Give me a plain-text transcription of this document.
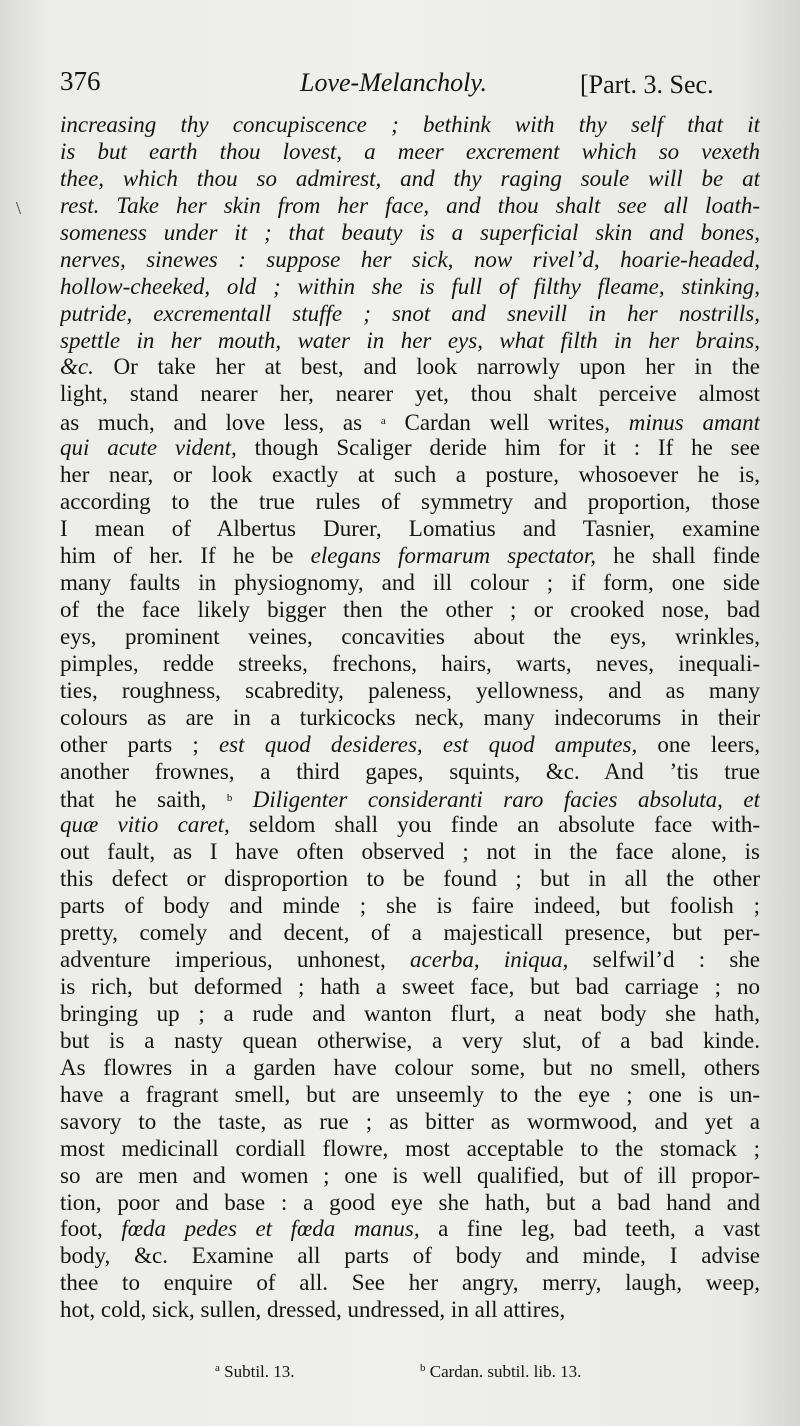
376	Love-Melancholy.	[Part. 3. Sec.
\
increasing thy concupiscence ; bethink with thy self that it
is but earth thou lovest, a meer excrement which so vexeth
thee, which thou so admirest, and thy raging soule will be at
rest. Take her skin from her face, and thou shalt see all loath-
someness under it ; that beauty is a superficial skin and bones,
nerves, sinewes : suppose her sick, now rivel’d, hoarie-headed,
hollow-cheeked, old ; within she is full of filthy fleame, stinking,
putride, excrementall stuffe ; snot and snevill in her nostrills,
spettle in her mouth, water in her eys, what filth in her brains,
&c. Or take her at best, and look narrowly upon her in the
light, stand nearer her, nearer yet, thou shalt perceive almost
as much, and love less, as $^a$ Cardan well writes, minus amant
qui acute vident, though Scaliger deride him for it : If he see
her near, or look exactly at such a posture, whosoever he is,
according to the true rules of symmetry and proportion, those
I mean of Albertus Durer, Lomatius and Tasnier, examine
him of her. If he be elegans formarum spectator, he shall finde
many faults in physiognomy, and ill colour ; if form, one side
of the face likely bigger then the other ; or crooked nose, bad
eys, prominent veines, concavities about the eys, wrinkles,
pimples, redde streeks, frechons, hairs, warts, neves, inequali-
ties, roughness, scabredity, paleness, yellowness, and as many
colours as are in a turkicocks neck, many indecorums in their
other parts ; est quod desideres, est quod amputes, one leers,
another frownes, a third gapes, squints, &c. And ’tis true
that he saith, $^b$ Diligenter consideranti raro facies absoluta, et
quæ vitio caret, seldom shall you finde an absolute face with-
out fault, as I have often observed ; not in the face alone, is
this defect or disproportion to be found ; but in all the other
parts of body and minde ; she is faire indeed, but foolish ;
pretty, comely and decent, of a majesticall presence, but per-
adventure imperious, unhonest, acerba, iniqua, selfwil’d : she
is rich, but deformed ; hath a sweet face, but bad carriage ; no
bringing up ; a rude and wanton flurt, a neat body she hath,
but is a nasty quean otherwise, a very slut, of a bad kinde.
As flowres in a garden have colour some, but no smell, others
have a fragrant smell, but are unseemly to the eye ; one is un-
savory to the taste, as rue ; as bitter as wormwood, and yet a
most medicinall cordiall flowre, most acceptable to the stomack ;
so are men and women ; one is well qualified, but of ill propor-
tion, poor and base : a good eye she hath, but a bad hand and
foot, fœda pedes et fœda manus, a fine leg, bad teeth, a vast
body, &c. Examine all parts of body and minde, I advise
thee to enquire of all. See her angry, merry, laugh, weep,
hot, cold, sick, sullen, dressed, undressed, in all attires,
$^a$ Subtil. 13.	$^b$ Cardan. subtil. lib. 13.
